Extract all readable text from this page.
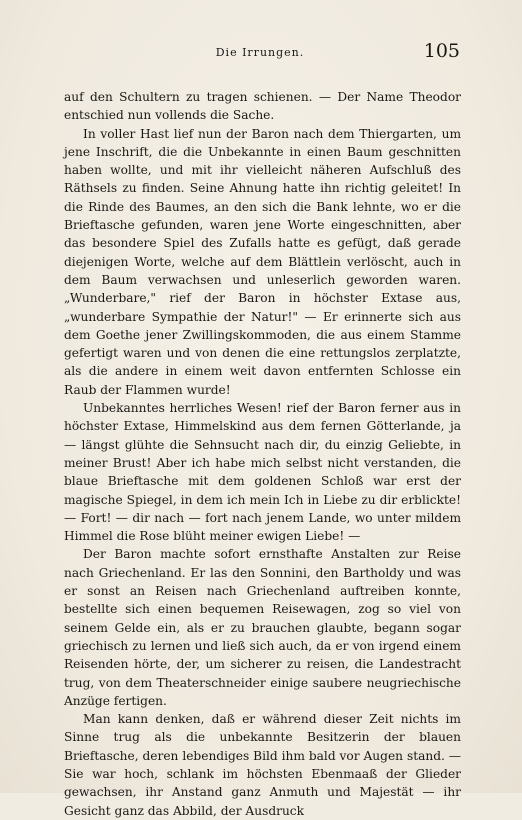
Die Irrungen.	105

auf den Schultern zu tragen schienen. — Der Name Theodor entschied nun vollends die Sache.

In voller Hast lief nun der Baron nach dem Thiergarten, um jene Inschrift, die die Unbekannte in einen Baum geschnitten haben wollte, und mit ihr vielleicht näheren Aufschluß des Räthsels zu finden. Seine Ahnung hatte ihn richtig geleitet! In die Rinde des Baumes, an den sich die Bank lehnte, wo er die Brieftasche gefunden, waren jene Worte eingeschnitten, aber das besondere Spiel des Zufalls hatte es gefügt, daß gerade diejenigen Worte, welche auf dem Blättlein verlöscht, auch in dem Baum verwachsen und unleserlich geworden waren. „Wunderbare," rief der Baron in höchster Extase aus, „wunderbare Sympathie der Natur!" — Er erinnerte sich aus dem Goethe jener Zwillingskommoden, die aus einem Stamme gefertigt waren und von denen die eine rettungslos zerplatzte, als die andere in einem weit davon entfernten Schlosse ein Raub der Flammen wurde!

Unbekanntes herrliches Wesen! rief der Baron ferner aus in höchster Extase, Himmelskind aus dem fernen Götterlande, ja — längst glühte die Sehnsucht nach dir, du einzig Geliebte, in meiner Brust! Aber ich habe mich selbst nicht verstanden, die blaue Brieftasche mit dem goldenen Schloß war erst der magische Spiegel, in dem ich mein Ich in Liebe zu dir erblickte! — Fort! — dir nach — fort nach jenem Lande, wo unter mildem Himmel die Rose blüht meiner ewigen Liebe! —

Der Baron machte sofort ernsthafte Anstalten zur Reise nach Griechenland. Er las den Sonnini, den Bartholdy und was er sonst an Reisen nach Griechenland auftreiben konnte, bestellte sich einen bequemen Reisewagen, zog so viel von seinem Gelde ein, als er zu brauchen glaubte, begann sogar griechisch zu lernen und ließ sich auch, da er von irgend einem Reisenden hörte, der, um sicherer zu reisen, die Landestracht trug, von dem Theaterschneider einige saubere neugriechische Anzüge fertigen.

Man kann denken, daß er während dieser Zeit nichts im Sinne trug als die unbekannte Besitzerin der blauen Brieftasche, deren lebendiges Bild ihm bald vor Augen stand. — Sie war hoch, schlank im höchsten Ebenmaaß der Glieder gewachsen, ihr Anstand ganz Anmuth und Majestät — ihr Gesicht ganz das Abbild, der Ausdruck
